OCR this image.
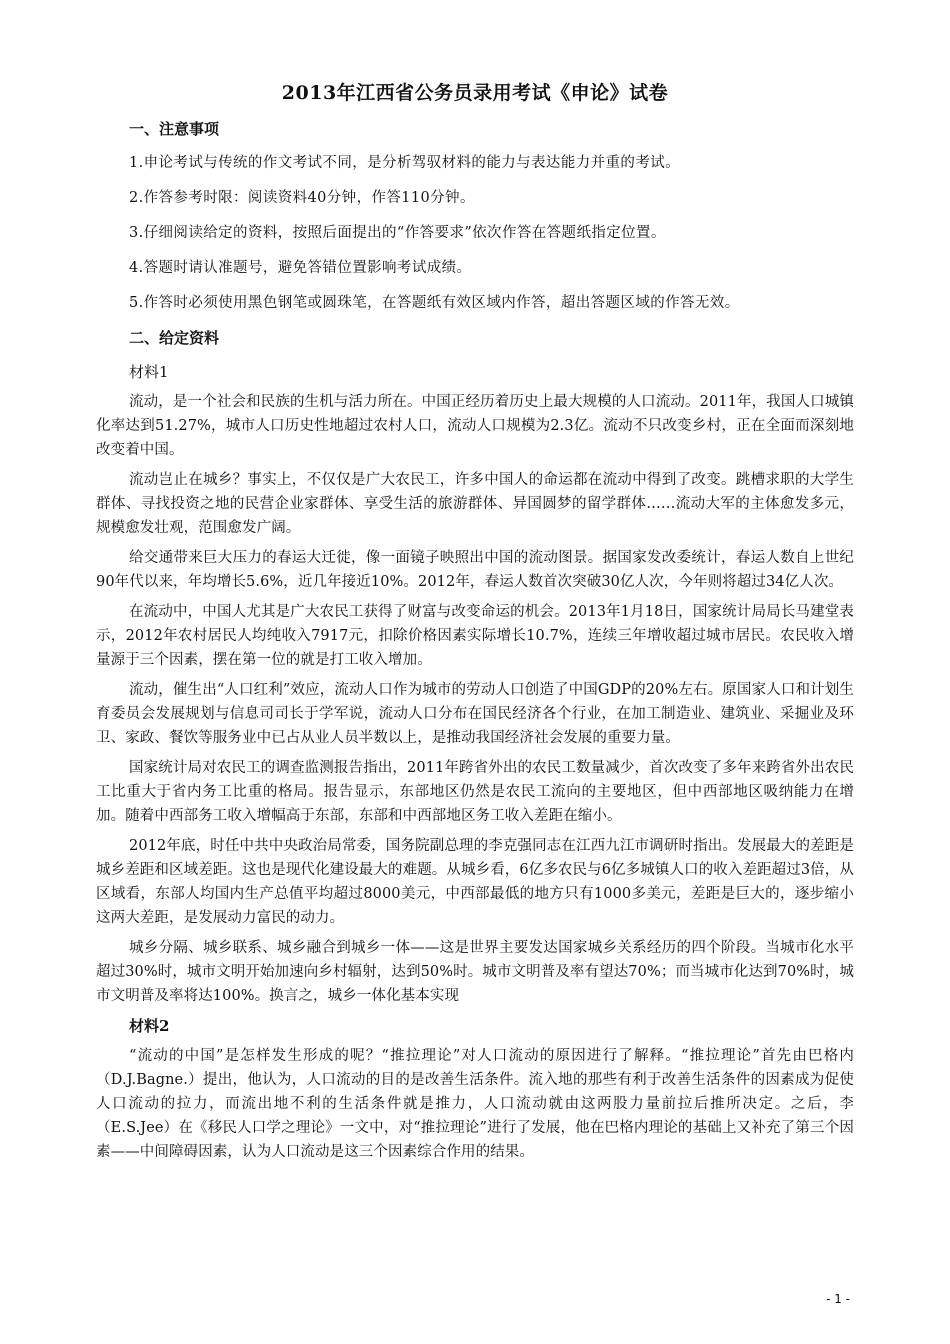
2013年江西省公务员录用考试《申论》试卷
一、注意事项
1.申论考试与传统的作文考试不同，是分析驾驭材料的能力与表达能力并重的考试。
2.作答参考时限：阅读资料40分钟，作答110分钟。
3.仔细阅读给定的资料，按照后面提出的“作答要求”依次作答在答题纸指定位置。
4.答题时请认准题号，避免答错位置影响考试成绩。
5.作答时必须使用黑色钢笔或圆珠笔，在答题纸有效区域内作答，超出答题区域的作答无效。
二、给定资料
材料1

流动，是一个社会和民族的生机与活力所在。中国正经历着历史上最大规模的人口流动。2011年，我国人口城镇化率达到51.27%，城市人口历史性地超过农村人口，流动人口规模为2.3亿。流动不只改变乡村，正在全面而深刻地改变着中国。

流动岂止在城乡？事实上，不仅仅是广大农民工，许多中国人的命运都在流动中得到了改变。跳槽求职的大学生群体、寻找投资之地的民营企业家群体、享受生活的旅游群体、异国圆梦的留学群体……流动大军的主体愈发多元，规模愈发壮观，范围愈发广阔。

给交通带来巨大压力的春运大迁徙，像一面镜子映照出中国的流动图景。据国家发改委统计，春运人数自上世纪90年代以来，年均增长5.6%，近几年接近10%。2012年，春运人数首次突破30亿人次，今年则将超过34亿人次。

在流动中，中国人尤其是广大农民工获得了财富与改变命运的机会。2013年1月18日，国家统计局局长马建堂表示，2012年农村居民人均纯收入7917元，扣除价格因素实际增长10.7%，连续三年增收超过城市居民。农民收入增量源于三个因素，摆在第一位的就是打工收入增加。

流动，催生出“人口红利”效应，流动人口作为城市的劳动人口创造了中国GDP的20%左右。原国家人口和计划生育委员会发展规划与信息司司长于学军说，流动人口分布在国民经济各个行业，在加工制造业、建筑业、采掘业及环卫、家政、餐饮等服务业中已占从业人员半数以上，是推动我国经济社会发展的重要力量。

国家统计局对农民工的调查监测报告指出，2011年跨省外出的农民工数量减少，首次改变了多年来跨省外出农民工比重大于省内务工比重的格局。报告显示，东部地区仍然是农民工流向的主要地区，但中西部地区吸纳能力在增加。随着中西部务工收入增幅高于东部，东部和中西部地区务工收入差距在缩小。

2012年底，时任中共中央政治局常委，国务院副总理的李克强同志在江西九江市调研时指出。发展最大的差距是城乡差距和区域差距。这也是现代化建设最大的难题。从城乡看，6亿多农民与6亿多城镇人口的收入差距超过3倍，从区域看，东部人均国内生产总值平均超过8000美元，中西部最低的地方只有1000多美元，差距是巨大的，逐步缩小这两大差距，是发展动力富民的动力。

城乡分隔、城乡联系、城乡融合到城乡一体——这是世界主要发达国家城乡关系经历的四个阶段。当城市化水平超过30%时，城市文明开始加速向乡村辐射，达到50%时。城市文明普及率有望达70%；而当城市化达到70%时，城市文明普及率将达100%。换言之，城乡一体化基本实现

材料2

“流动的中国”是怎样发生形成的呢？“推拉理论”对人口流动的原因进行了解释。“推拉理论”首先由巴格内（D.J.Bagne.）提出，他认为，人口流动的目的是改善生活条件。流入地的那些有利于改善生活条件的因素成为促使人口流动的拉力，而流出地不利的生活条件就是推力，人口流动就由这两股力量前拉后推所决定。之后，李（E.S.Jee）在《移民人口学之理论》一文中，对“推拉理论”进行了发展，他在巴格内理论的基础上又补充了第三个因素——中间障碍因素，认为人口流动是这三个因素综合作用的结果。

- 1 -
